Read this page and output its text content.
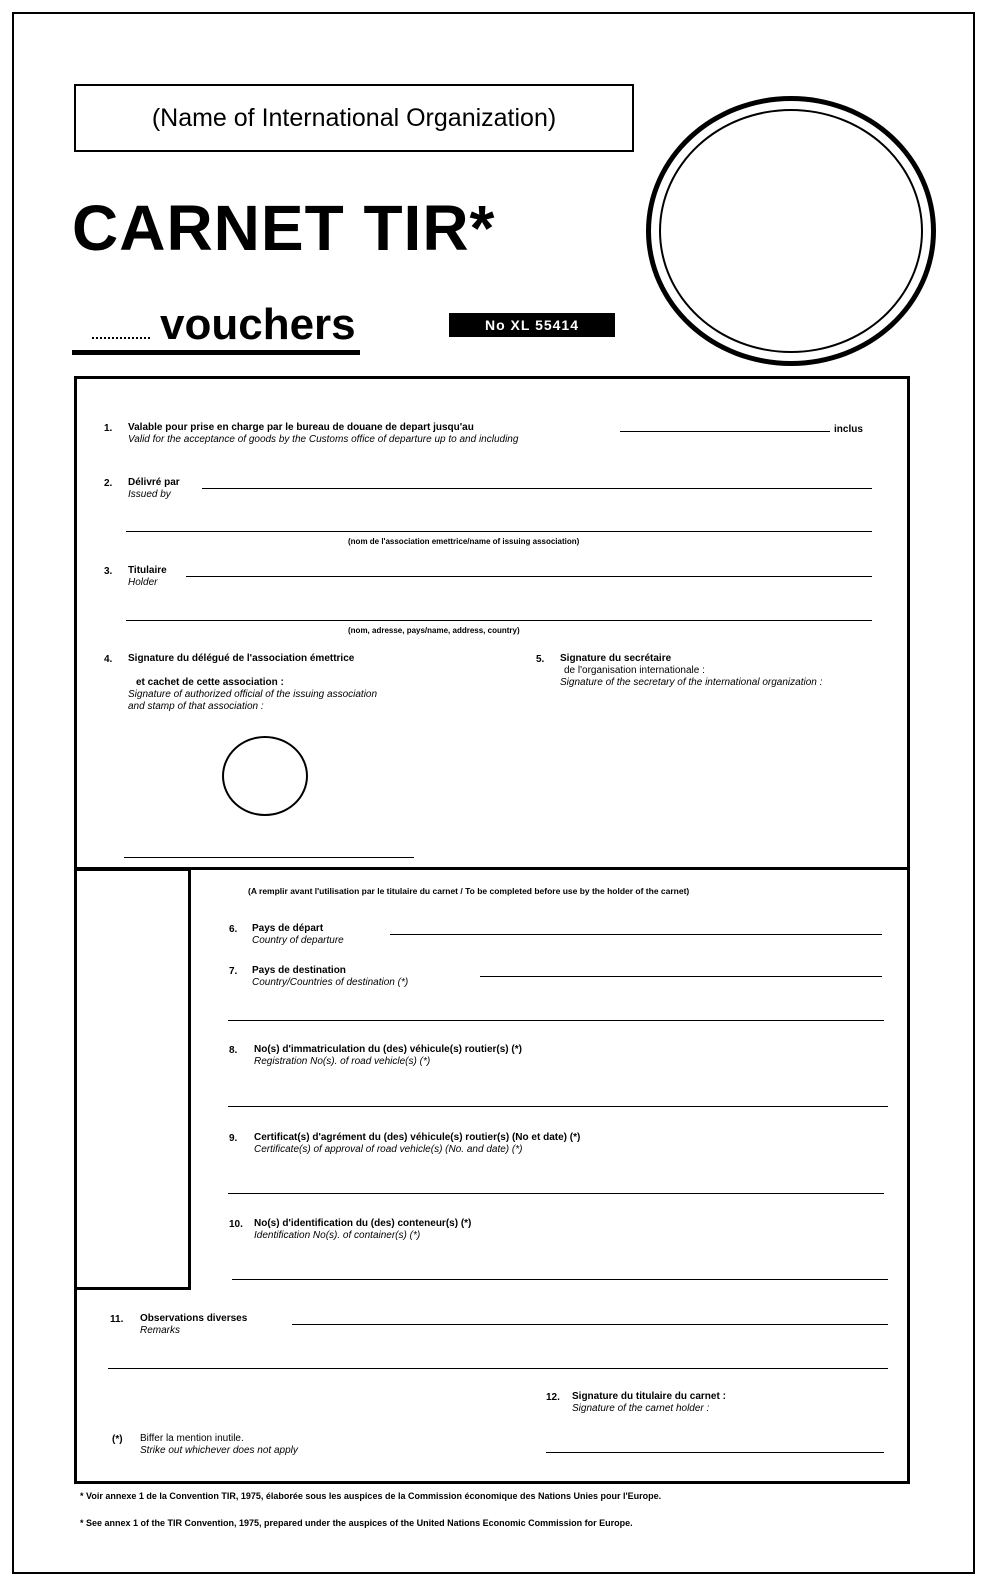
(Name of International Organization)
CARNET TIR*
vouchers	No XL 55414
1. Valable pour prise en charge par le bureau de douane de depart jusqu'au
Valid for the acceptance of goods by the Customs office of departure up to and including
inclus
2. Délivré par
Issued by
(nom de l'association emettrice/name of issuing association)
3. Titulaire
Holder
(nom, adresse, pays/name, address, country)
4. Signature du délégué de l'association émettrice
et cachet de cette association :
Signature of authorized official of the issuing association and stamp of that association :
5. Signature du secrétaire
de l'organisation internationale :
Signature of the secretary of the international organization :
(A remplir avant l'utilisation par le titulaire du carnet / To be completed before use by the holder of the carnet)
6. Pays de départ
Country of departure
7. Pays de destination
Country/Countries of destination (*)
8. No(s) d'immatriculation du (des) véhicule(s) routier(s) (*)
Registration No(s). of road vehicle(s) (*)
9. Certificat(s) d'agrément du (des) véhicule(s) routier(s) (No et date) (*)
Certificate(s) of approval of road vehicle(s) (No. and date) (*)
10. No(s) d'identification du (des) conteneur(s) (*)
Identification No(s). of container(s) (*)
11. Observations diverses
Remarks
12. Signature du titulaire du carnet :
Signature of the carnet holder :
(*) Biffer la mention inutile.
Strike out whichever does not apply
* Voir annexe 1 de la Convention TIR, 1975, élaborée sous les auspices de la Commission économique des Nations Unies pour l'Europe.
* See annex 1 of the TIR Convention, 1975, prepared under the auspices of the United Nations Economic Commission for Europe.
